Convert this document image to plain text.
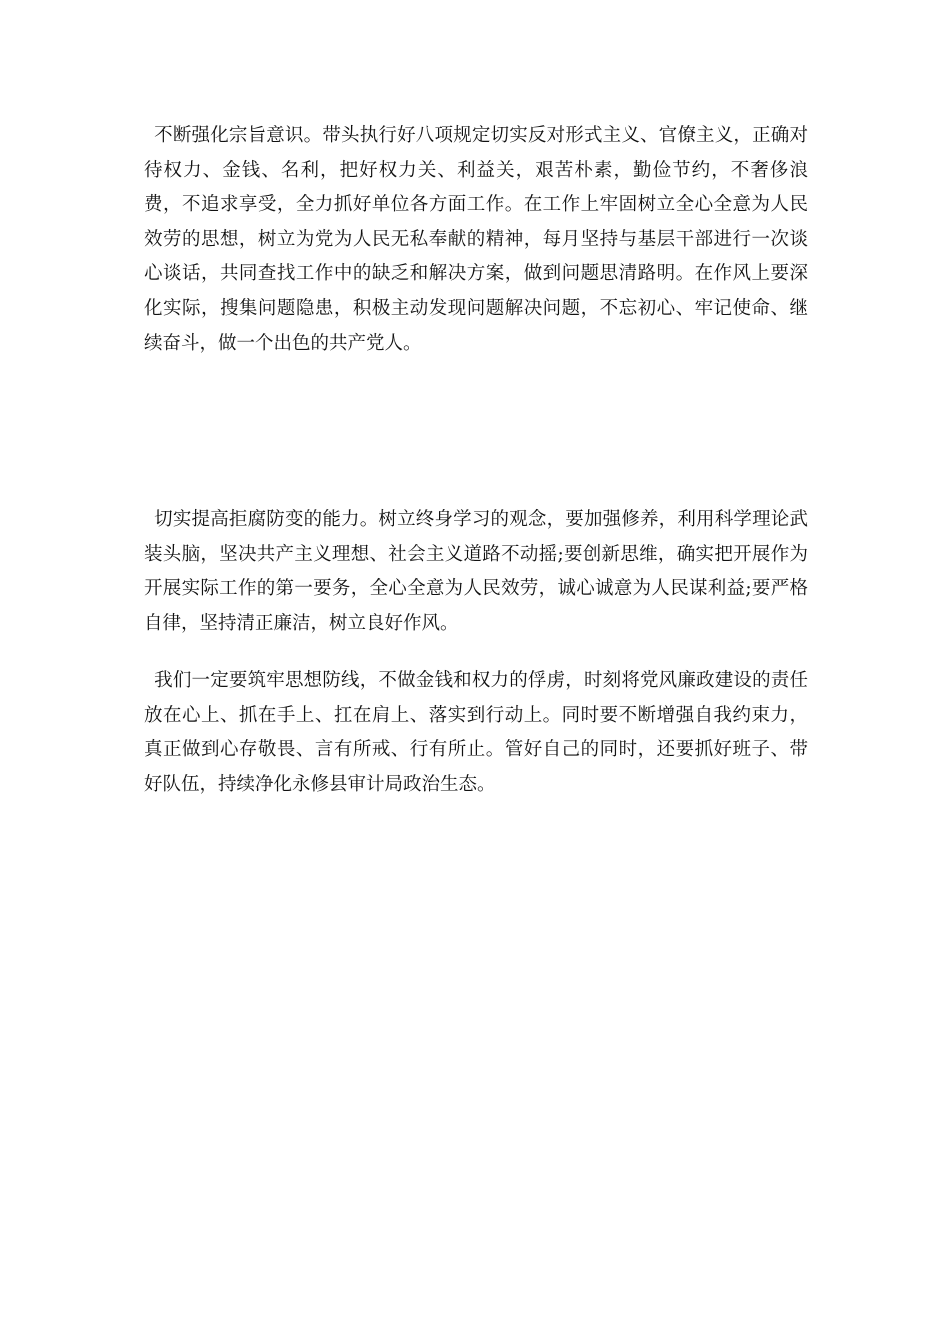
不断强化宗旨意识。带头执行好八项规定切实反对形式主义、官僚主义，正确对待权力、金钱、名利，把好权力关、利益关，艰苦朴素，勤俭节约，不奢侈浪费，不追求享受，全力抓好单位各方面工作。在工作上牢固树立全心全意为人民效劳的思想，树立为党为人民无私奉献的精神，每月坚持与基层干部进行一次谈心谈话，共同查找工作中的缺乏和解决方案，做到问题思清路明。在作风上要深化实际，搜集问题隐患，积极主动发现问题解决问题，不忘初心、牢记使命、继续奋斗，做一个出色的共产党人。

切实提高拒腐防变的能力。树立终身学习的观念，要加强修养，利用科学理论武装头脑，坚决共产主义理想、社会主义道路不动摇;要创新思维，确实把开展作为开展实际工作的第一要务，全心全意为人民效劳，诚心诚意为人民谋利益;要严格自律，坚持清正廉洁，树立良好作风。

我们一定要筑牢思想防线，不做金钱和权力的俘虏，时刻将党风廉政建设的责任放在心上、抓在手上、扛在肩上、落实到行动上。同时要不断增强自我约束力，真正做到心存敬畏、言有所戒、行有所止。管好自己的同时，还要抓好班子、带好队伍，持续净化永修县审计局政治生态。
